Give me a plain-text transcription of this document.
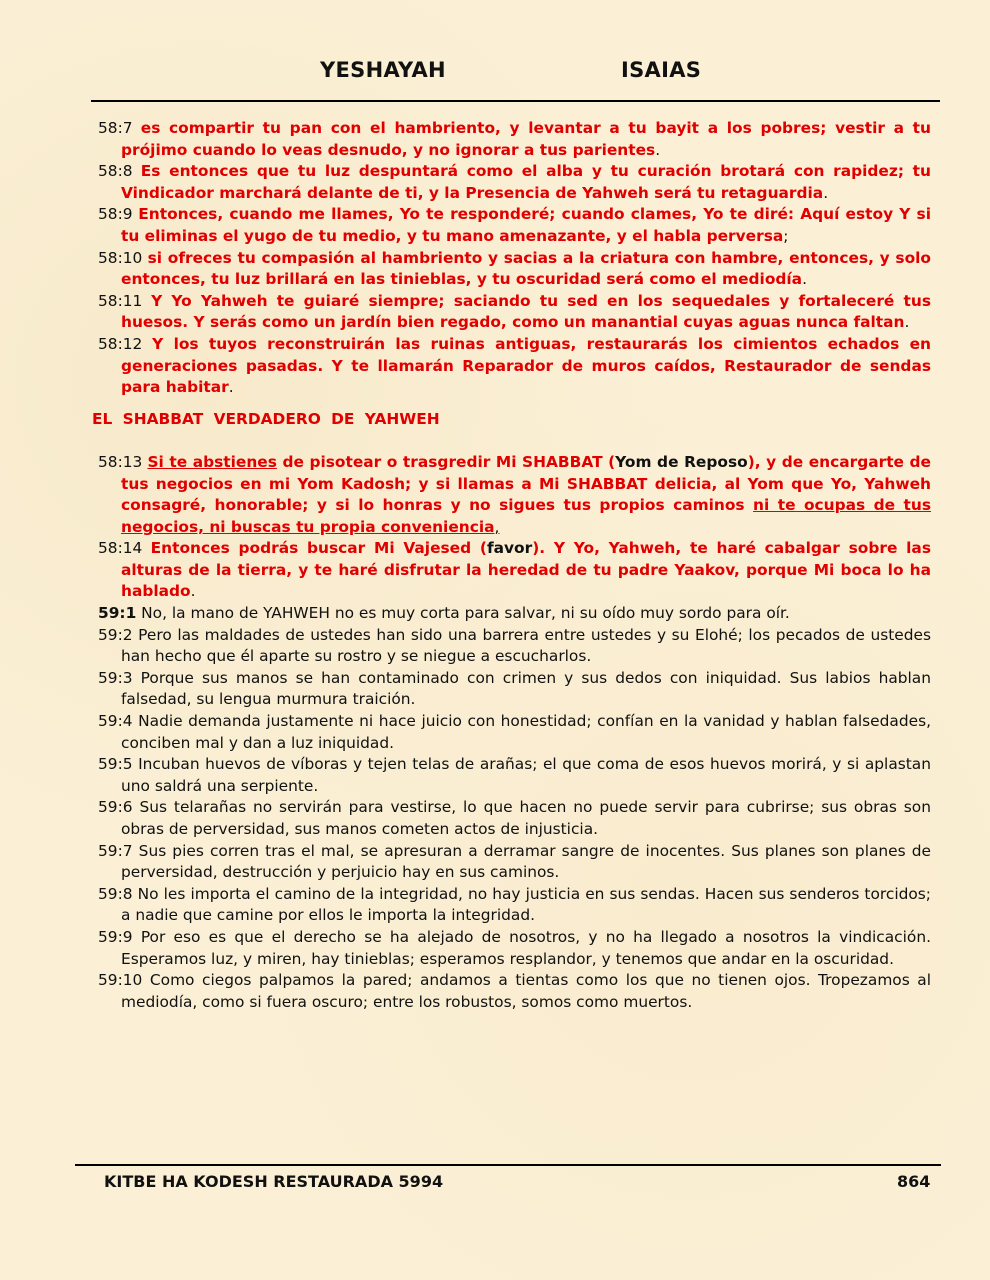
YESHAYAH	ISAIAS

58:7 es compartir tu pan con el hambriento, y levantar a tu bayit a los pobres; vestir a tu prójimo cuando lo veas desnudo, y no ignorar a tus parientes.

58:8 Es entonces que tu luz despuntará como el alba y tu curación brotará con rapidez; tu Vindicador marchará delante de ti, y la Presencia de Yahweh será tu retaguardia.

58:9 Entonces, cuando me llames, Yo te responderé; cuando clames, Yo te diré: Aquí estoy Y si tu eliminas el yugo de tu medio, y tu mano amenazante, y el habla perversa;

58:10 si ofreces tu compasión al hambriento y sacias a la criatura con hambre, entonces, y solo entonces, tu luz brillará en las tinieblas, y tu oscuridad será como el mediodía.

58:11 Y Yo Yahweh te guiaré siempre; saciando tu sed en los sequedales y fortaleceré tus huesos. Y serás como un jardín bien regado, como un manantial cuyas aguas nunca faltan.

58:12 Y los tuyos reconstruirán las ruinas antiguas, restaurarás los cimientos echados en generaciones pasadas. Y te llamarán Reparador de muros caídos, Restaurador de sendas para habitar.

EL SHABBAT VERDADERO DE YAHWEH

58:13 Si te abstienes de pisotear o trasgredir Mi SHABBAT (Yom de Reposo), y de encargarte de tus negocios en mi Yom Kadosh; y si llamas a Mi SHABBAT delicia, al Yom que Yo, Yahweh consagré, honorable; y si lo honras y no sigues tus propios caminos ni te ocupas de tus negocios, ni buscas tu propia conveniencia,

58:14 Entonces podrás buscar Mi Vajesed (favor). Y Yo, Yahweh, te haré cabalgar sobre las alturas de la tierra, y te haré disfrutar la heredad de tu padre Yaakov, porque Mi boca lo ha hablado.

59:1 No, la mano de YAHWEH no es muy corta para salvar, ni su oído muy sordo para oír.

59:2 Pero las maldades de ustedes han sido una barrera entre ustedes y su Elohé; los pecados de ustedes han hecho que él aparte su rostro y se niegue a escucharlos.

59:3 Porque sus manos se han contaminado con crimen y sus dedos con iniquidad. Sus labios hablan falsedad, su lengua murmura traición.

59:4 Nadie demanda justamente ni hace juicio con honestidad; confían en la vanidad y hablan falsedades, conciben mal y dan a luz iniquidad.

59:5 Incuban huevos de víboras y tejen telas de arañas; el que coma de esos huevos morirá, y si aplastan uno saldrá una serpiente.

59:6 Sus telarañas no servirán para vestirse, lo que hacen no puede servir para cubrirse; sus obras son obras de perversidad, sus manos cometen actos de injusticia.

59:7 Sus pies corren tras el mal, se apresuran a derramar sangre de inocentes. Sus planes son planes de perversidad, destrucción y perjuicio hay en sus caminos.

59:8 No les importa el camino de la integridad, no hay justicia en sus sendas. Hacen sus senderos torcidos; a nadie que camine por ellos le importa la integridad.

59:9 Por eso es que el derecho se ha alejado de nosotros, y no ha llegado a nosotros la vindicación. Esperamos luz, y miren, hay tinieblas; esperamos resplandor, y tenemos que andar en la oscuridad.

59:10 Como ciegos palpamos la pared; andamos a tientas como los que no tienen ojos. Tropezamos al mediodía, como si fuera oscuro; entre los robustos, somos como muertos.

KITBE HA KODESH RESTAURADA 5994	864
